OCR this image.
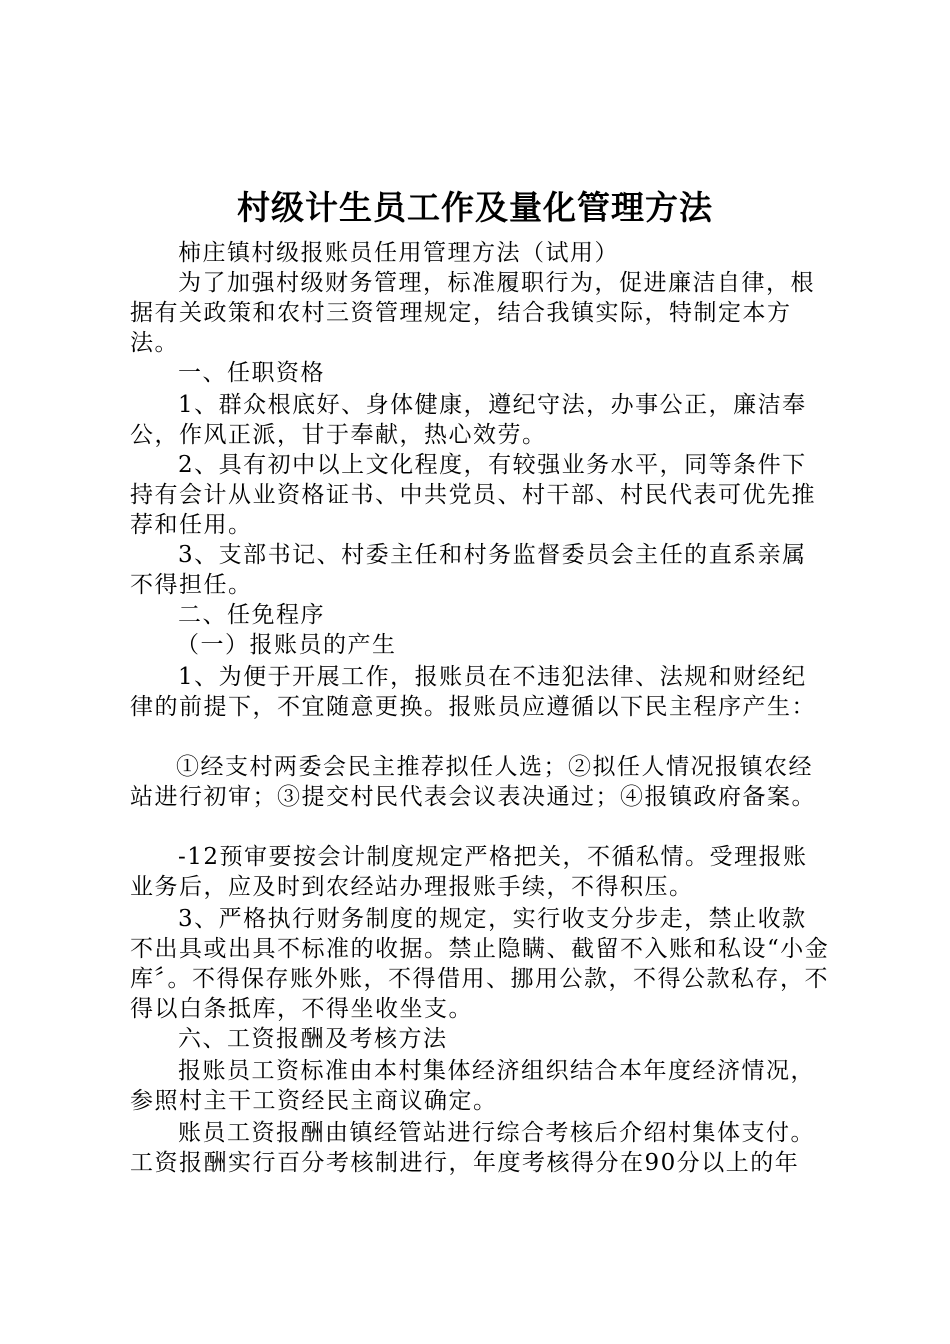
村级计生员工作及量化管理方法

柿庄镇村级报账员任用管理方法（试用）

为了加强村级财务管理，标准履职行为，促进廉洁自律，根据有关政策和农村三资管理规定，结合我镇实际，特制定本方法。

一、任职资格

1、群众根底好、身体健康，遵纪守法，办事公正，廉洁奉公，作风正派，甘于奉献，热心效劳。

2、具有初中以上文化程度，有较强业务水平，同等条件下持有会计从业资格证书、中共党员、村干部、村民代表可优先推荐和任用。

3、支部书记、村委主任和村务监督委员会主任的直系亲属不得担任。

二、任免程序

（一）报账员的产生

1、为便于开展工作，报账员在不违犯法律、法规和财经纪律的前提下，不宜随意更换。报账员应遵循以下民主程序产生：

①经支村两委会民主推荐拟任人选；②拟任人情况报镇农经站进行初审；③提交村民代表会议表决通过；④报镇政府备案。

-12预审要按会计制度规定严格把关，不循私情。受理报账业务后，应及时到农经站办理报账手续，不得积压。

3、严格执行财务制度的规定，实行收支分步走，禁止收款不出具或出具不标准的收据。禁止隐瞒、截留不入账和私设“小金库〞。不得保存账外账，不得借用、挪用公款，不得公款私存，不得以白条抵库，不得坐收坐支。

六、工资报酬及考核方法

报账员工资标准由本村集体经济组织结合本年度经济情况，参照村主干工资经民主商议确定。

账员工资报酬由镇经管站进行综合考核后介绍村集体支付。工资报酬实行百分考核制进行，年度考核得分在90分以上的年
